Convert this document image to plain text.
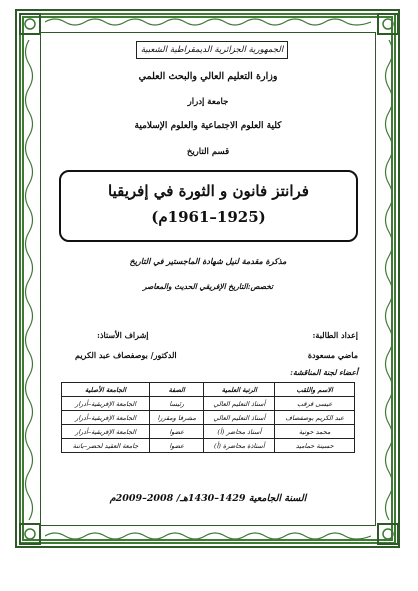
الجمهورية الجزائرية الديمقراطية الشعبية
وزارة التعليم العالي والبحث العلمي
جامعة إدرار
كلية العلوم الاجتماعية والعلوم الإسلامية
قسم التاريخ
فرانتز فانون و الثورة في إفريقيا
(1925–1961م)
مذكرة مقدمة لنيل شهادة الماجستير في التاريخ
تخصص:التاريخ الإفريقي الحديث والمعاصر
إعداد الطالبة:
ماضي مسعودة
إشراف الأستاذ:
الدكتور/ بوصفصاف عبد الكريم
أعضاء لجنة المناقشة:
الاسم واللقب	الرتبة العلمية	الصفة	الجامعة الأصلية
عيسى قرقب	أستاذ التعليم العالي	رئيسا	الجامعة الإفريقية–أدرار
عبد الكريم بوصفصاف	أستاذ التعليم العالي	مشرفا ومقررا	الجامعة الإفريقية–أدرار
محمد حوتية	أستاذ محاضر (أ)	عضوا	الجامعة الإفريقية–أدرار
حسينة حماميد	أستاذة محاضرة (أ)	عضوا	جامعة العقيد لحضر–باتنة
السنة الجامعية 1429–1430هـ/ 2008–2009م
